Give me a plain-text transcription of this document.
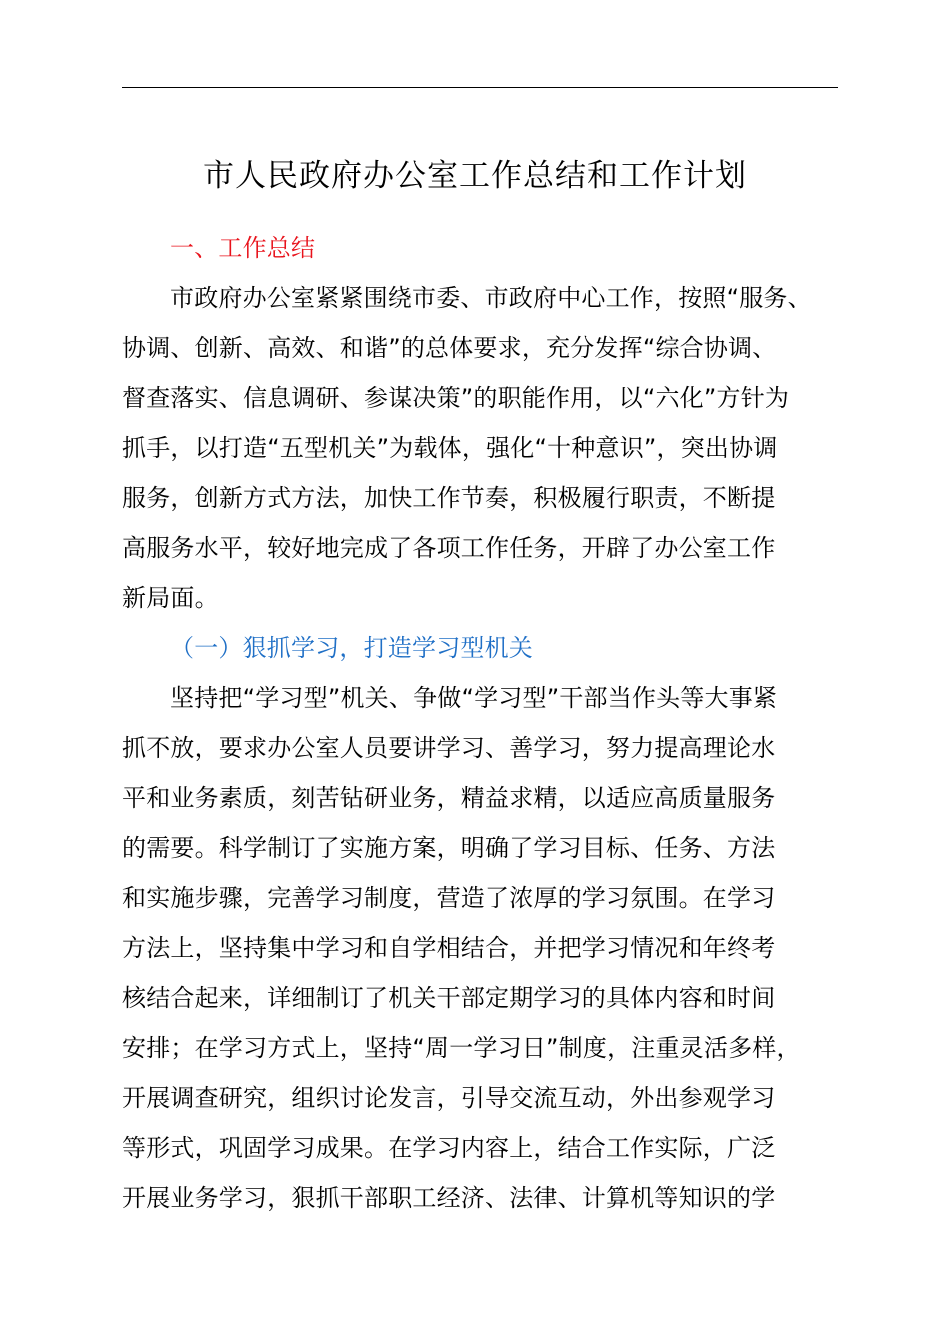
市人民政府办公室工作总结和工作计划
一、工作总结
市政府办公室紧紧围绕市委、市政府中心工作，按照“服务、
协调、创新、高效、和谐”的总体要求，充分发挥“综合协调、
督查落实、信息调研、参谋决策”的职能作用，以“六化”方针为
抓手，以打造“五型机关”为载体，强化“十种意识”，突出协调
服务，创新方式方法，加快工作节奏，积极履行职责，不断提
高服务水平，较好地完成了各项工作任务，开辟了办公室工作
新局面。
（一）狠抓学习，打造学习型机关
坚持把“学习型”机关、争做“学习型”干部当作头等大事紧
抓不放，要求办公室人员要讲学习、善学习，努力提高理论水
平和业务素质，刻苦钻研业务，精益求精，以适应高质量服务
的需要。科学制订了实施方案，明确了学习目标、任务、方法
和实施步骤，完善学习制度，营造了浓厚的学习氛围。在学习
方法上，坚持集中学习和自学相结合，并把学习情况和年终考
核结合起来，详细制订了机关干部定期学习的具体内容和时间
安排；在学习方式上，坚持“周一学习日”制度，注重灵活多样，
开展调查研究，组织讨论发言，引导交流互动，外出参观学习
等形式，巩固学习成果。在学习内容上，结合工作实际，广泛
开展业务学习，狠抓干部职工经济、法律、计算机等知识的学
